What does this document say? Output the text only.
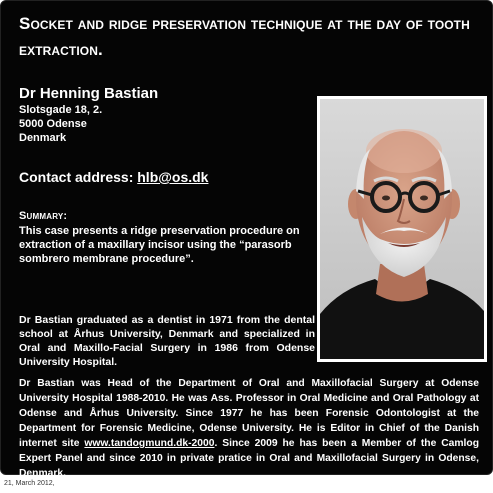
Socket and ridge preservation technique at the day of tooth extraction.
Dr Henning Bastian
Slotsgade 18, 2.
5000 Odense
Denmark
Contact address: hlb@os.dk
Summary:
This case presents a ridge preservation procedure on extraction of a maxillary incisor using the “parasorb sombrero membrane procedure”.
Dr Bastian graduated as a dentist in 1971 from the dental school at Århus University, Denmark and specialized in Oral and Maxillo-Facial Surgery in 1986 from Odense University Hospital.
Dr Bastian was Head of the Department of Oral and Maxillofacial Surgery at Odense University Hospital 1988-2010. He was Ass. Professor in Oral Medicine and Oral Pathology at Odense and Århus University. Since 1977 he has been Forensic Odontologist at the Department for Forensic Medicine, Odense University. He is Editor in Chief of the Danish internet site www.tandogmund.dk-2000. Since 2009 he has been a Member of the Camlog Expert Panel and since 2010 in private pratice in Oral and Maxillofacial Surgery in Odense, Denmark.
21, March 2012,
